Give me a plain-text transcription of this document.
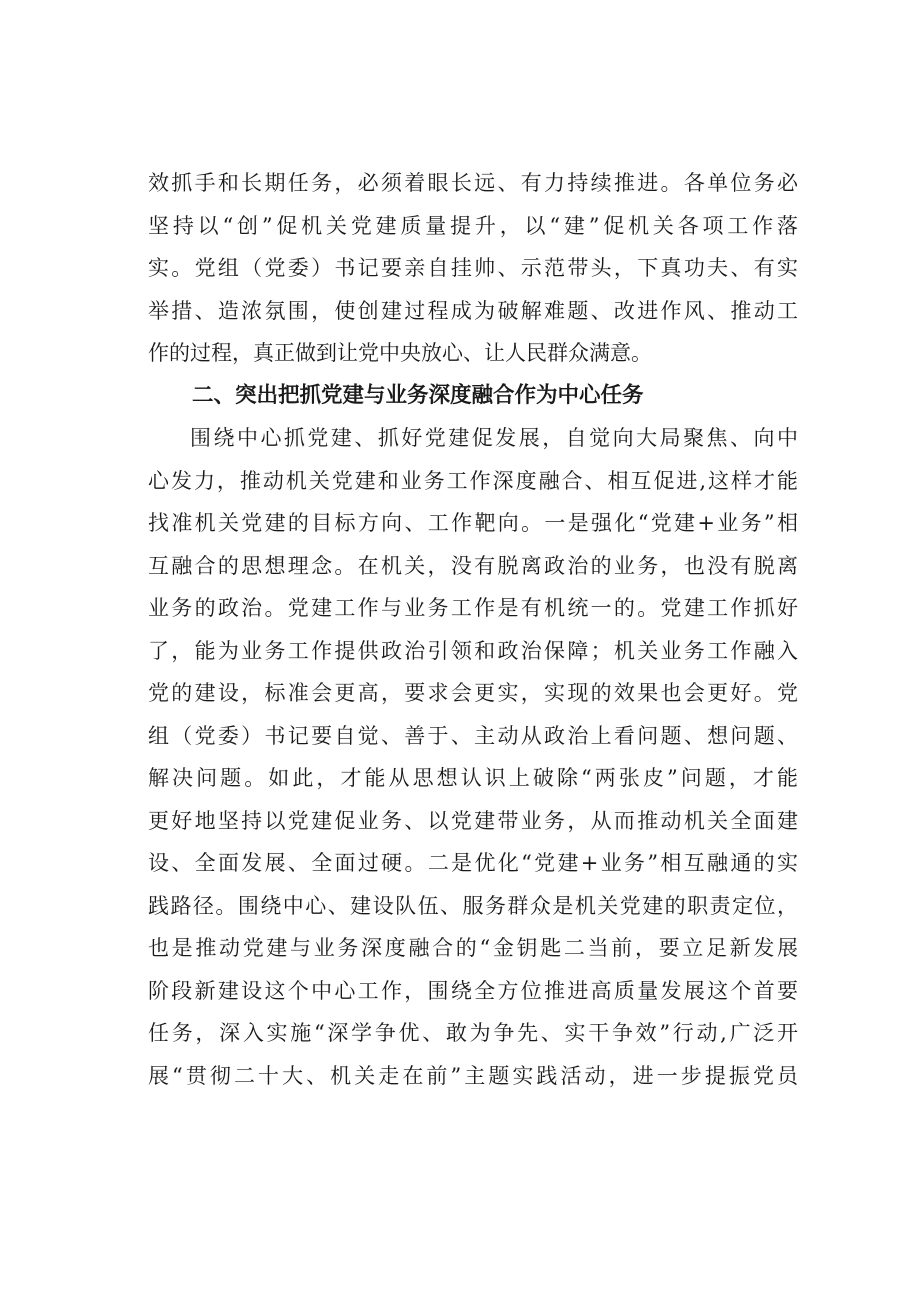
效抓手和长期任务，必须着眼长远、有力持续推进。各单位务必
坚持以“创”促机关党建质量提升，以“建”促机关各项工作落
实。党组（党委）书记要亲自挂帅、示范带头，下真功夫、有实
举措、造浓氛围，使创建过程成为破解难题、改进作风、推动工
作的过程，真正做到让党中央放心、让人民群众满意。
二、突出把抓党建与业务深度融合作为中心任务
围绕中心抓党建、抓好党建促发展，自觉向大局聚焦、向中
心发力，推动机关党建和业务工作深度融合、相互促进,这样才能
找准机关党建的目标方向、工作靶向。一是强化“党建+业务”相
互融合的思想理念。在机关，没有脱离政治的业务，也没有脱离
业务的政治。党建工作与业务工作是有机统一的。党建工作抓好
了，能为业务工作提供政治引领和政治保障；机关业务工作融入
党的建设，标准会更高，要求会更实，实现的效果也会更好。党
组（党委）书记要自觉、善于、主动从政治上看问题、想问题、
解决问题。如此，才能从思想认识上破除“两张皮”问题，才能
更好地坚持以党建促业务、以党建带业务，从而推动机关全面建
设、全面发展、全面过硬。二是优化“党建+业务”相互融通的实
践路径。围绕中心、建设队伍、服务群众是机关党建的职责定位，
也是推动党建与业务深度融合的“金钥匙二当前，要立足新发展
阶段新建设这个中心工作，围绕全方位推进高质量发展这个首要
任务，深入实施“深学争优、敢为争先、实干争效”行动,广泛开
展“贯彻二十大、机关走在前”主题实践活动，进一步提振党员
